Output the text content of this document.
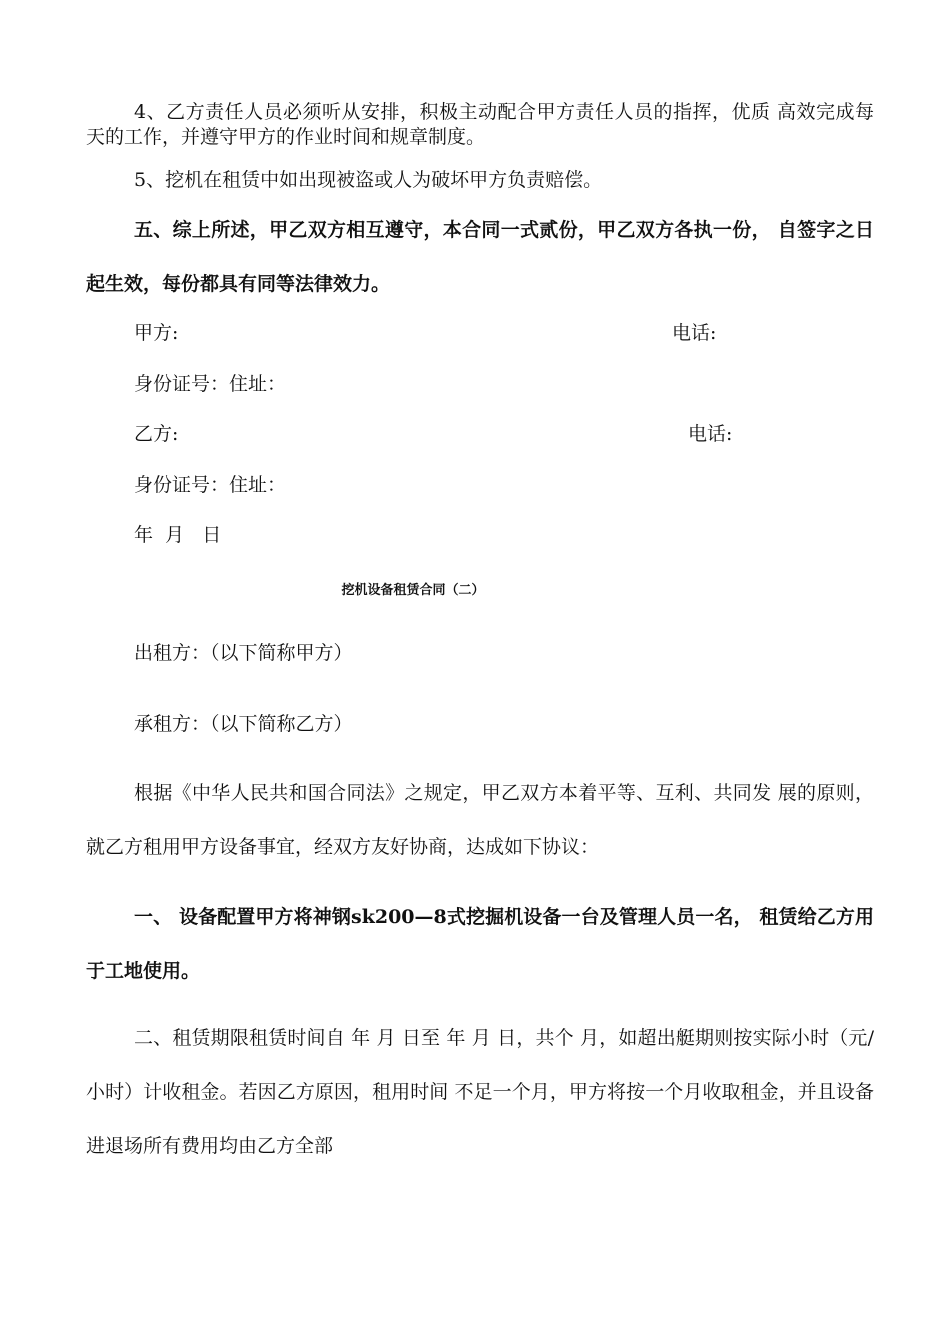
4、乙方责任人员必须听从安排，积极主动配合甲方责任人员的指挥，优质 高效完成每天的工作，并遵守甲方的作业时间和规章制度。

5、挖机在租赁中如出现被盗或人为破坏甲方负责赔偿。

五、综上所述，甲乙双方相互遵守，本合同一式贰份，甲乙双方各执一份， 自签字之日起生效，每份都具有同等法律效力。

甲方:	电话:

身份证号：住址：

乙方:	电话:

身份证号：住址：

年  月   日

挖机设备租赁合同（二）

出租方：（以下简称甲方）

承租方：（以下简称乙方）

根据《中华人民共和国合同法》之规定，甲乙双方本着平等、互利、共同发 展的原则，就乙方租用甲方设备事宜，经双方友好协商，达成如下协议：

一、 设备配置甲方将神钢sk200—8式挖掘机设备一台及管理人员一名， 租赁给乙方用于工地使用。

二、租赁期限租赁时间自 年 月 日至 年 月 日，共个 月，如超出艇期则按实际小时（元/小时）计收租金。若因乙方原因，租用时间 不足一个月，甲方将按一个月收取租金，并且设备进退场所有费用均由乙方全部
